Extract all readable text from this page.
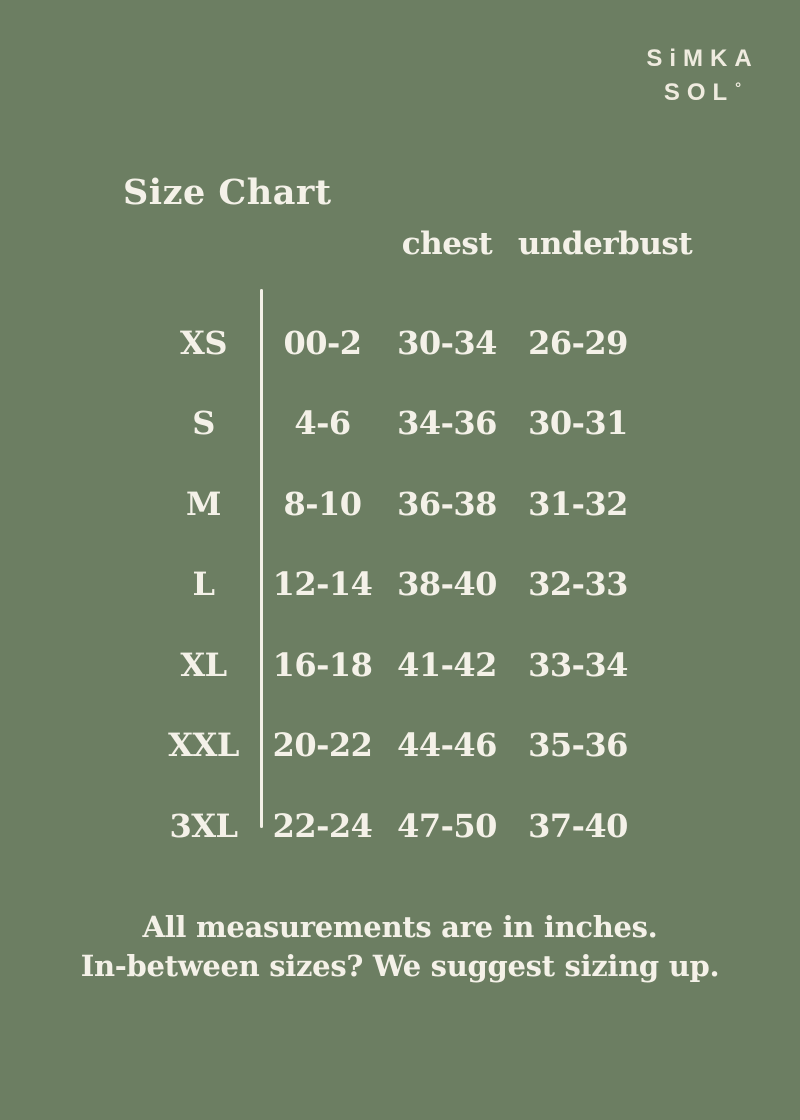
SiMKA
SOL°
Size Chart
chest underbust
XS	00-2	30-34 26-29
S	4-6	34-36 30-31
M	8-10	36-38 31-32
L	12-14 38-40 32-33
XL	16-18 41-42 33-34
XXL	20-22 44-46 35-36
3XL	22-24 47-50 37-40
All measurements are in inches.
In-between sizes? We suggest sizing up.
